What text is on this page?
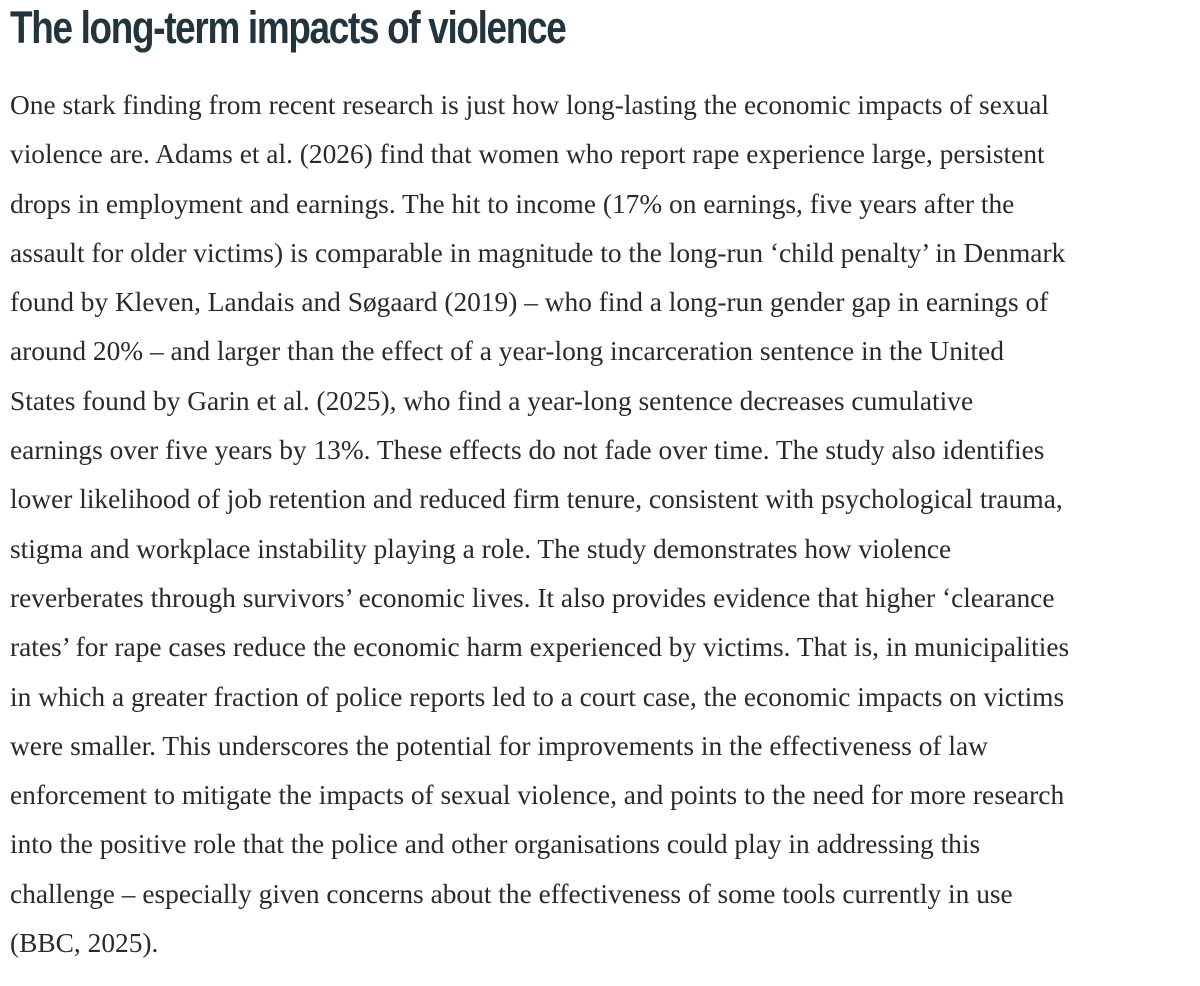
The long-term impacts of violence

One stark finding from recent research is just how long-lasting the economic impacts of sexual
violence are. Adams et al. (2026) find that women who report rape experience large, persistent
drops in employment and earnings. The hit to income (17% on earnings, five years after the
assault for older victims) is comparable in magnitude to the long-run ‘child penalty’ in Denmark
found by Kleven, Landais and Søgaard (2019) – who find a long-run gender gap in earnings of
around 20% – and larger than the effect of a year-long incarceration sentence in the United
States found by Garin et al. (2025), who find a year-long sentence decreases cumulative
earnings over five years by 13%. These effects do not fade over time. The study also identifies
lower likelihood of job retention and reduced firm tenure, consistent with psychological trauma,
stigma and workplace instability playing a role. The study demonstrates how violence
reverberates through survivors’ economic lives. It also provides evidence that higher ‘clearance
rates’ for rape cases reduce the economic harm experienced by victims. That is, in municipalities
in which a greater fraction of police reports led to a court case, the economic impacts on victims
were smaller. This underscores the potential for improvements in the effectiveness of law
enforcement to mitigate the impacts of sexual violence, and points to the need for more research
into the positive role that the police and other organisations could play in addressing this
challenge – especially given concerns about the effectiveness of some tools currently in use
(BBC, 2025).
